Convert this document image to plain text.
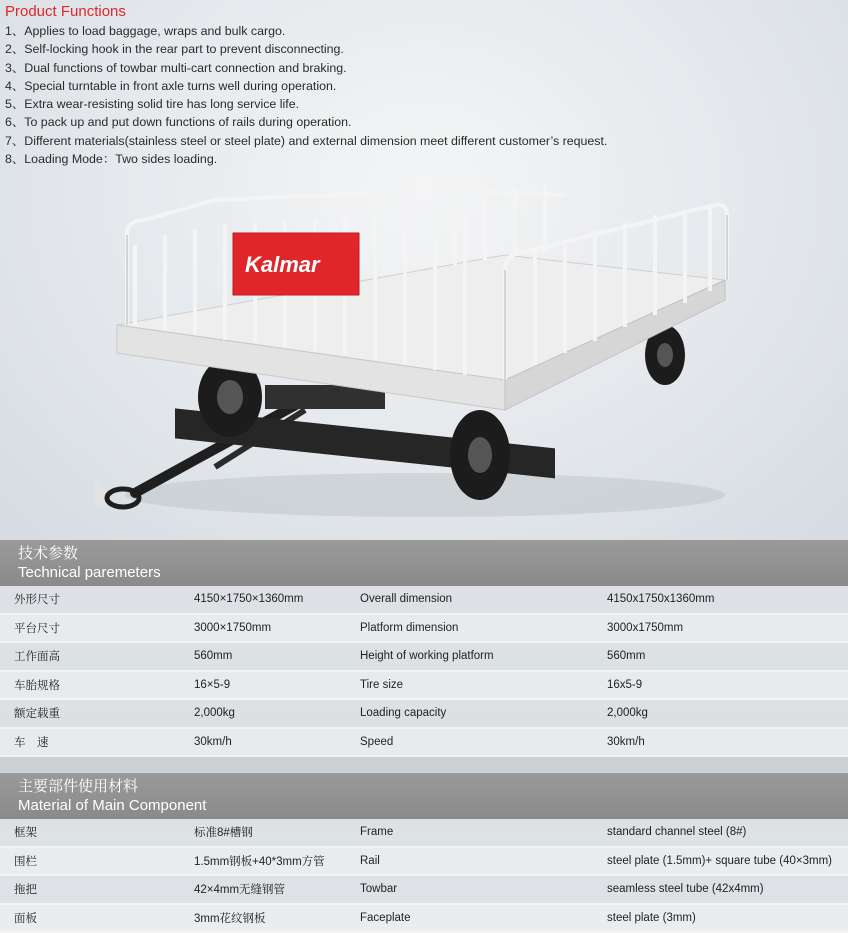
Product Functions
1、Applies to load baggage, wraps and bulk cargo.
2、Self-locking hook in the rear part to prevent disconnecting.
3、Dual functions of towbar multi-cart connection and braking.
4、Special turntable in front axle turns well during operation.
5、Extra wear-resisting solid tire has long service life.
6、To pack up and put down functions of rails during operation.
7、Different materials(stainless steel or steel plate) and external dimension meet different customer’s request.
8、Loading Mode：Two sides loading.
Kalmar
技术参数
Technical paremeters
外形尺寸	4150×1750×1360mm	Overall dimension	4150x1750x1360mm
平台尺寸	3000×1750mm	Platform dimension	3000x1750mm
工作面高	560mm	Height of working platform	560mm
车胎规格	16×5-9	Tire size	16x5-9
额定载重	2,000kg	Loading capacity	2,000kg
车　速	30km/h	Speed	30km/h
主要部件使用材料
Material of Main Component
框架	标准8#槽钢	Frame	standard channel steel (8#)
围栏	1.5mm钢板+40*3mm方管	Rail	steel plate (1.5mm)+ square tube (40×3mm)
拖把	42×4mm无缝钢管	Towbar	seamless steel tube (42x4mm)
面板	3mm花纹钢板	Faceplate	steel plate (3mm)
